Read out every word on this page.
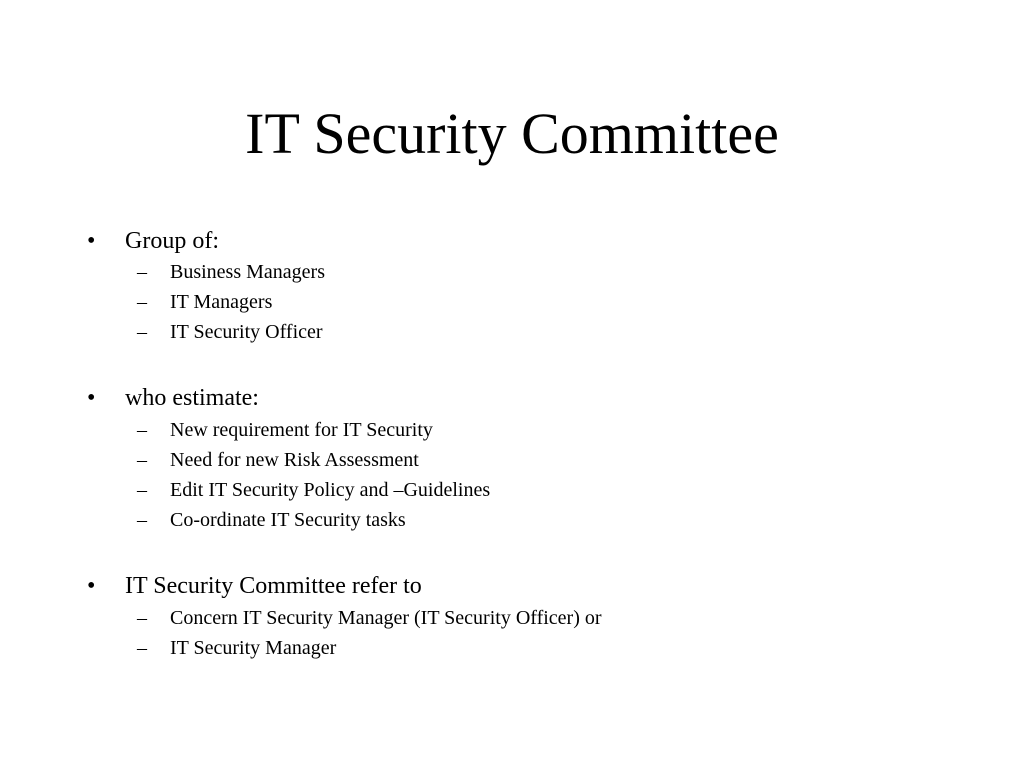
IT Security Committee
•	Group of:
– Business Managers
– IT Managers
– IT Security Officer
•	who estimate:
– New requirement for IT Security
– Need for new Risk Assessment
– Edit IT Security Policy and –Guidelines
– Co-ordinate IT Security tasks
•	IT Security Committee refer to
– Concern IT Security Manager (IT Security Officer) or
– IT Security Manager
